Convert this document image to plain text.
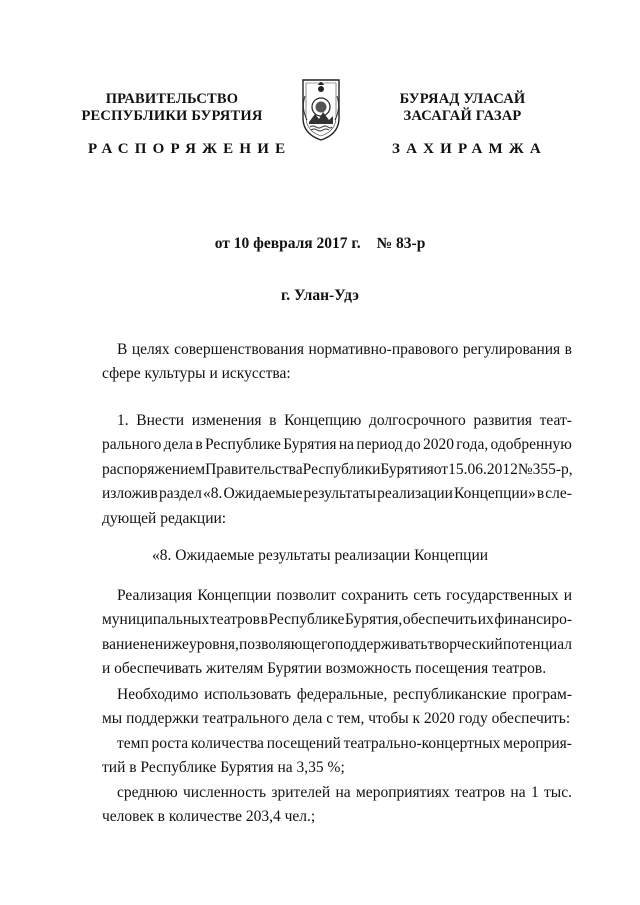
ПРАВИТЕЛЬСТВО
РЕСПУБЛИКИ БУРЯТИЯ
БУРЯАД УЛАСАЙ
ЗАСАГАЙ ГАЗАР
РАСПОРЯЖЕНИЕ	ЗАХИРАМЖА
от 10 февраля 2017 г. № 83-р
г. Улан-Удэ
В целях совершенствования нормативно-правового регулирования в
сфере культуры и искусства:
1. Внести изменения в Концепцию долгосрочного развития теат-
рального дела в Республике Бурятия на период до 2020 года, одобренную
распоряжением Правительства Республики Бурятия от 15.06.2012 № 355-р,
изложив раздел «8. Ожидаемые результаты реализации Концепции» в сле-
дующей редакции:
«8. Ожидаемые результаты реализации Концепции
Реализация Концепции позволит сохранить сеть государственных и
муниципальных театров в Республике Бурятия, обеспечить их финансиро-
вание не ниже уровня, позволяющего поддерживать творческий потенциал
и обеспечивать жителям Бурятии возможность посещения театров.
Необходимо использовать федеральные, республиканские програм-
мы поддержки театрального дела с тем, чтобы к 2020 году обеспечить:
темп роста количества посещений театрально-концертных мероприя-
тий в Республике Бурятия на 3,35 %;
среднюю численность зрителей на мероприятиях театров на 1 тыс.
человек в количестве 203,4 чел.;
